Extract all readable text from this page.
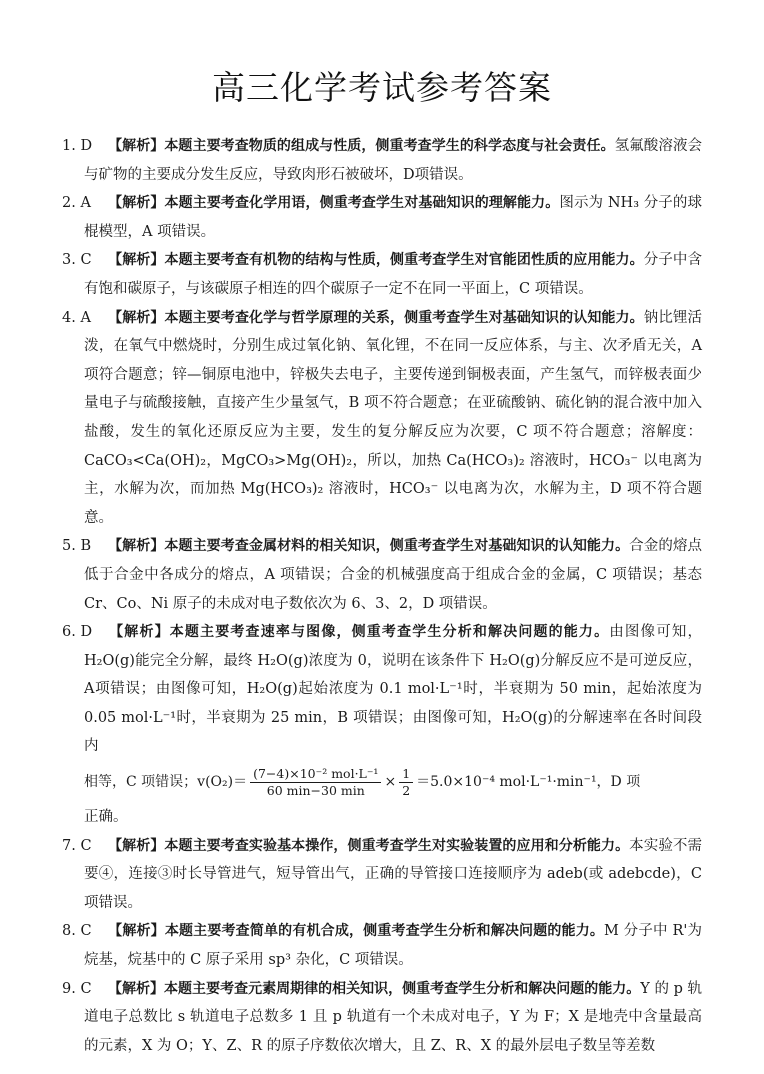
高三化学考试参考答案
1. D 【解析】本题主要考查物质的组成与性质，侧重考查学生的科学态度与社会责任。氢氟酸溶液会与矿物的主要成分发生反应，导致肉形石被破坏，D项错误。
2. A 【解析】本题主要考查化学用语，侧重考查学生对基础知识的理解能力。图示为 NH₃ 分子的球棍模型，A 项错误。
3. C 【解析】本题主要考查有机物的结构与性质，侧重考查学生对官能团性质的应用能力。分子中含有饱和碳原子，与该碳原子相连的四个碳原子一定不在同一平面上，C 项错误。
4. A 【解析】本题主要考查化学与哲学原理的关系，侧重考查学生对基础知识的认知能力。钠比锂活泼，在氧气中燃烧时，分别生成过氧化钠、氧化锂，不在同一反应体系，与主、次矛盾无关，A 项符合题意；锌—铜原电池中，锌极失去电子，主要传递到铜极表面，产生氢气，而锌极表面少量电子与硫酸接触，直接产生少量氢气，B 项不符合题意；在亚硫酸钠、硫化钠的混合液中加入盐酸，发生的氧化还原反应为主要，发生的复分解反应为次要，C 项不符合题意；溶解度：CaCO₃<Ca(OH)₂，MgCO₃>Mg(OH)₂，所以，加热 Ca(HCO₃)₂ 溶液时，HCO₃⁻ 以电离为主，水解为次，而加热 Mg(HCO₃)₂ 溶液时，HCO₃⁻ 以电离为次，水解为主，D 项不符合题意。
5. B 【解析】本题主要考查金属材料的相关知识，侧重考查学生对基础知识的认知能力。合金的熔点低于合金中各成分的熔点，A 项错误；合金的机械强度高于组成合金的金属，C 项错误；基态 Cr、Co、Ni 原子的未成对电子数依次为 6、3、2，D 项错误。
6. D 【解析】本题主要考查速率与图像，侧重考查学生分析和解决问题的能力。由图像可知，H₂O(g)能完全分解，最终 H₂O(g)浓度为 0，说明在该条件下 H₂O(g)分解反应不是可逆反应，A项错误；由图像可知，H₂O(g)起始浓度为 0.1 mol·L⁻¹时，半衰期为 50 min，起始浓度为 0.05 mol·L⁻¹时，半衰期为 25 min，B 项错误；由图像可知，H₂O(g)的分解速率在各时间段内
相等，C 项错误；$v(O_2)= \frac{\text{(7−4)×10⁻² mol·L⁻¹}}{60 \min-30 \min} \times \frac{1}{2} =5.0\times 10^{-4}$ mol·L⁻¹·min⁻¹，D 项
正确。
7. C 【解析】本题主要考查实验基本操作，侧重考查学生对实验装置的应用和分析能力。本实验不需要④，连接③时长导管进气，短导管出气，正确的导管接口连接顺序为 adeb(或 adebcde)，C 项错误。
8. C 【解析】本题主要考查简单的有机合成，侧重考查学生分析和解决问题的能力。M 分子中 R'为烷基，烷基中的 C 原子采用 sp³ 杂化，C 项错误。
9. C 【解析】本题主要考查元素周期律的相关知识，侧重考查学生分析和解决问题的能力。Y 的 p 轨道电子总数比 s 轨道电子总数多 1 且 p 轨道有一个未成对电子，Y 为 F；X 是地壳中含量最高的元素，X 为 O；Y、Z、R 的原子序数依次增大，且 Z、R、X 的最外层电子数呈等差数
